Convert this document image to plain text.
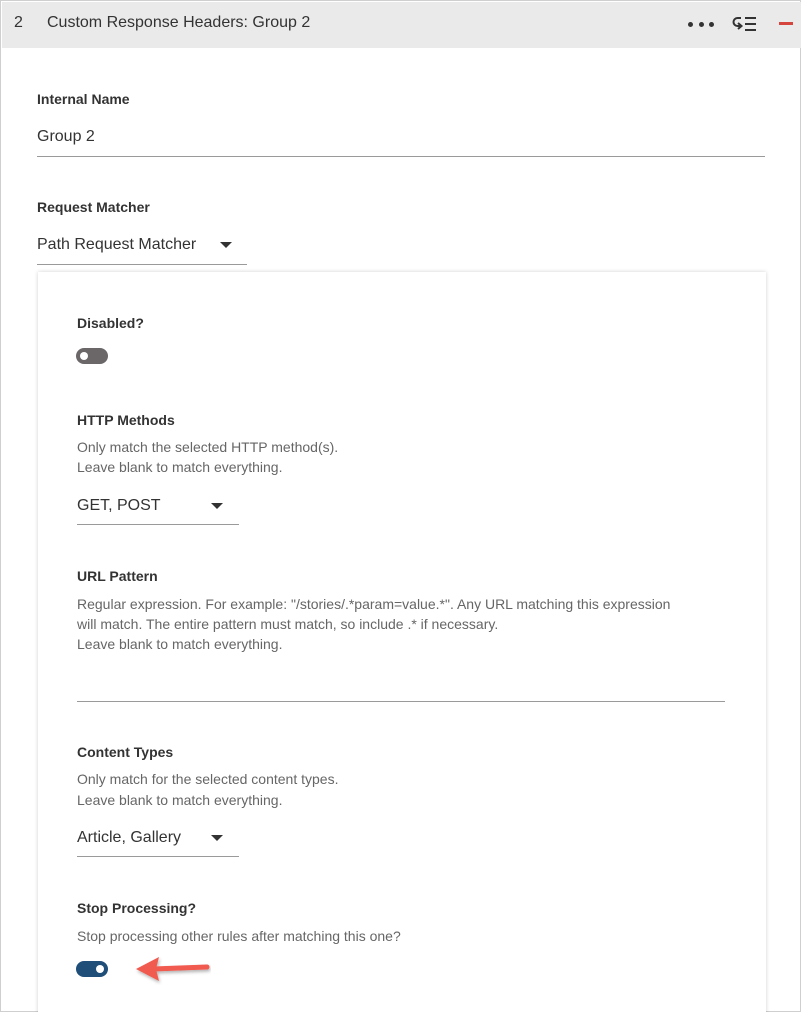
2 Custom Response Headers: Group 2
Internal Name
Group 2
Request Matcher
Path Request Matcher
Disabled?
HTTP Methods
Only match the selected HTTP method(s).
Leave blank to match everything.
GET, POST
URL Pattern
Regular expression. For example: "/stories/.*param=value.*". Any URL matching this expression
will match. The entire pattern must match, so include .* if necessary.
Leave blank to match everything.
Content Types
Only match for the selected content types.
Leave blank to match everything.
Article, Gallery
Stop Processing?
Stop processing other rules after matching this one?
